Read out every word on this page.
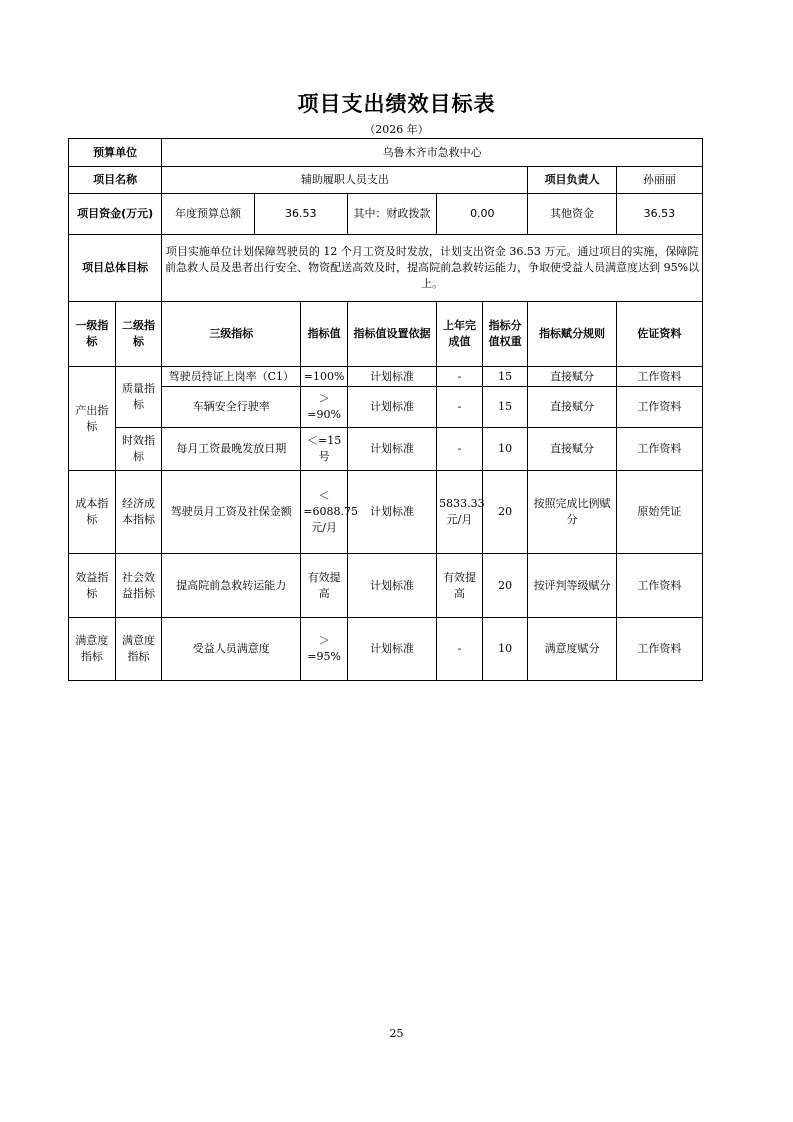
项目支出绩效目标表
（2026 年）
预算单位		乌鲁木齐市急救中心							
项目名称		辅助履职人员支出						项目负责人	孙丽丽
项目资金(万元)		年度预算总额	36.53		其中：财政拨款	0.00		其他资金	36.53
项目总体目标		项目实施单位计划保障驾驶员的 12 个月工资及时发放，计划支出资金 36.53 万元。通过项目的实施，保障院前急救人员及患者出行安全、物资配送高效及时，提高院前急救转运能力，争取使受益人员满意度达到 95%以上。							
一级指标	二级指标	三级指标		指标值	指标值设置依据	上年完成值	指标分值权重	指标赋分规则	佐证资料
产出指标	质量指标	驾驶员持证上岗率（C1）		=100%	计划标准	-	15	直接赋分	工作资料
		车辆安全行驶率		＞=90%	计划标准	-	15	直接赋分	工作资料
	时效指标	每月工资最晚发放日期		＜=15号	计划标准	-	10	直接赋分	工作资料
成本指标	经济成本指标	驾驶员月工资及社保金额		＜=6088.75元/月	计划标准	5833.33元/月	20	按照完成比例赋分	原始凭证
效益指标	社会效益指标	提高院前急救转运能力		有效提高	计划标准	有效提高	20	按评判等级赋分	工作资料
满意度指标	满意度指标	受益人员满意度		＞=95%	计划标准	-	10	满意度赋分	工作资料
25
